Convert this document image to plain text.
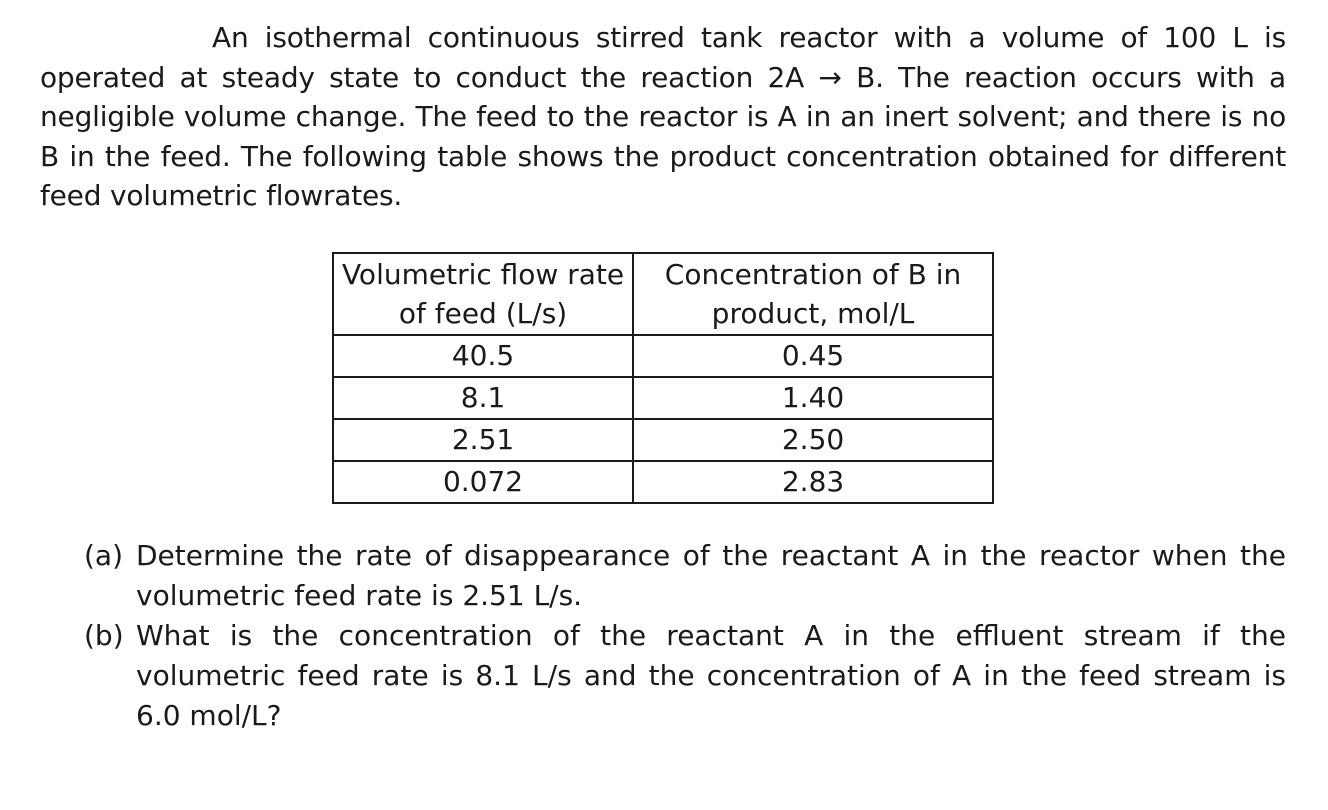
An isothermal continuous stirred tank reactor with a volume of 100 L is operated at steady state to conduct the reaction 2A → B. The reaction occurs with a negligible volume change. The feed to the reactor is A in an inert solvent; and there is no B in the feed. The following table shows the product concentration obtained for different feed volumetric flowrates.

Volumetric flow rate of feed (L/s)	Concentration of B in product, mol/L
40.5	0.45
8.1	1.40
2.51	2.50
0.072	2.83
(a) Determine the rate of disappearance of the reactant A in the reactor when the volumetric feed rate is 2.51 L/s.
(b) What is the concentration of the reactant A in the effluent stream if the volumetric feed rate is 8.1 L/s and the concentration of A in the feed stream is 6.0 mol/L?
